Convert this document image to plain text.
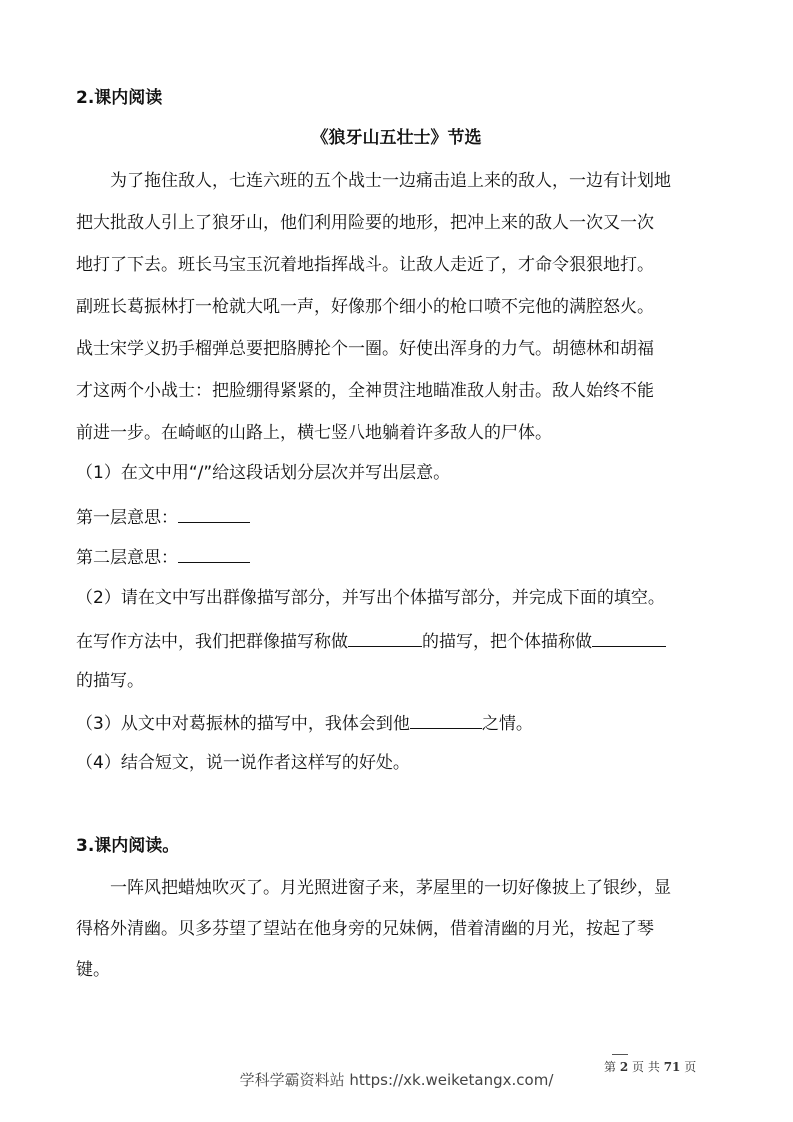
2.课内阅读
《狼牙山五壮士》节选
为了拖住敌人，七连六班的五个战士一边痛击追上来的敌人，一边有计划地
把大批敌人引上了狼牙山，他们利用险要的地形，把冲上来的敌人一次又一次
地打了下去。班长马宝玉沉着地指挥战斗。让敌人走近了，才命令狠狠地打。
副班长葛振林打一枪就大吼一声，好像那个细小的枪口喷不完他的满腔怒火。
战士宋学义扔手榴弹总要把胳膊抡个一圈。好使出浑身的力气。胡德林和胡福
才这两个小战士：把脸绷得紧紧的，全神贯注地瞄准敌人射击。敌人始终不能
前进一步。在崎岖的山路上，横七竖八地躺着许多敌人的尸体。
（1）在文中用“/”给这段话划分层次并写出层意。
第一层意思：
第二层意思：
（2）请在文中写出群像描写部分，并写出个体描写部分，并完成下面的填空。
在写作方法中，我们把群像描写称做	的描写，把个体描称做
的描写。
（3）从文中对葛振林的描写中，我体会到他	之情。
（4）结合短文，说一说作者这样写的好处。
3.课内阅读。
一阵风把蜡烛吹灭了。月光照进窗子来，茅屋里的一切好像披上了银纱，显
得格外清幽。贝多芬望了望站在他身旁的兄妹俩，借着清幽的月光，按起了琴
键。
第 2 页 共 71 页
学科学霸资料站 https://xk.weiketangx.com/
